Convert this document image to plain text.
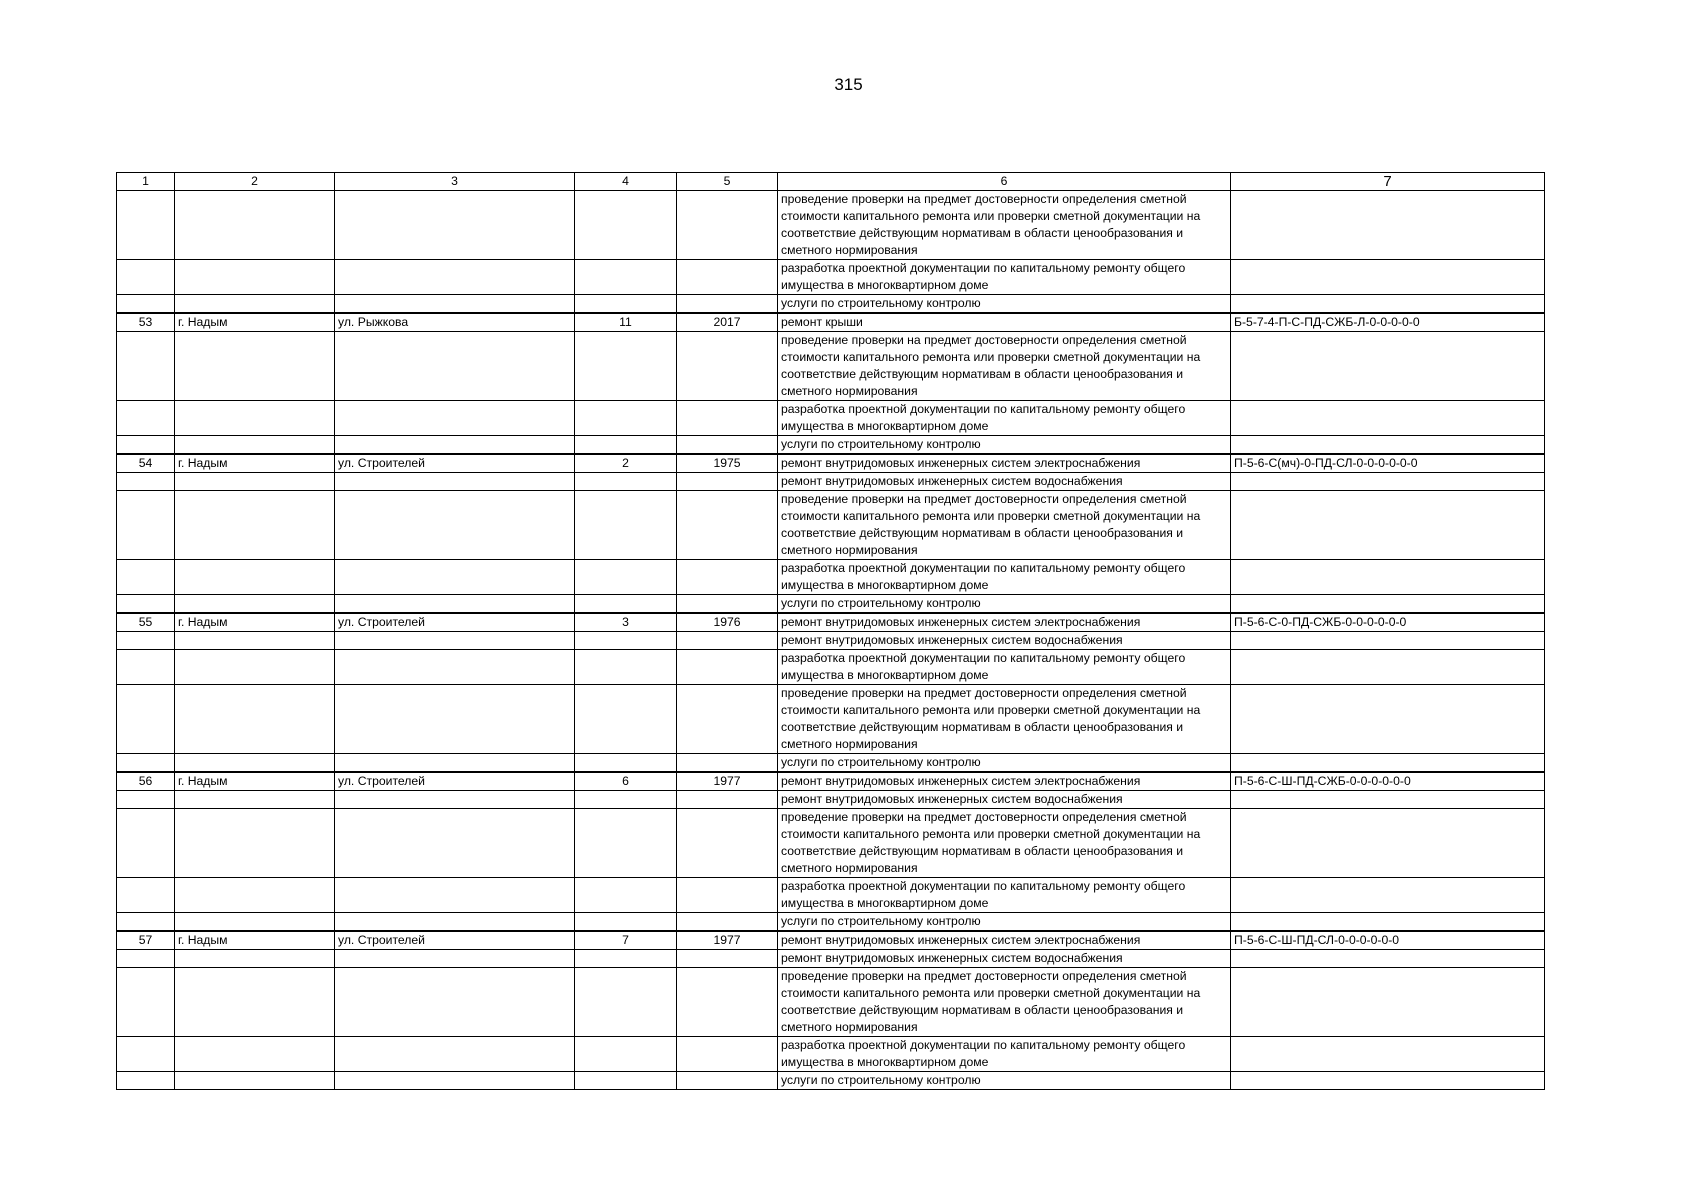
315
1	2	3	4	5	6	7
					проведение проверки на предмет достоверности определения сметной стоимости капитального ремонта или проверки сметной документации на соответствие действующим нормативам в области ценообразования и сметного нормирования	
					разработка проектной документации по капитальному ремонту общего имущества в многоквартирном доме	
					услуги по строительному контролю	
53	г. Надым	ул. Рыжкова	11	2017	ремонт крыши	Б-5-7-4-П-С-ПД-СЖБ-Л-0-0-0-0-0
					проведение проверки на предмет достоверности определения сметной стоимости капитального ремонта или проверки сметной документации на соответствие действующим нормативам в области ценообразования и сметного нормирования	
					разработка проектной документации по капитальному ремонту общего имущества в многоквартирном доме	
					услуги по строительному контролю	
54	г. Надым	ул. Строителей	2	1975	ремонт внутридомовых инженерных систем электроснабжения	П-5-6-С(мч)-0-ПД-СЛ-0-0-0-0-0-0
					ремонт внутридомовых инженерных систем водоснабжения	
					проведение проверки на предмет достоверности определения сметной стоимости капитального ремонта или проверки сметной документации на соответствие действующим нормативам в области ценообразования и сметного нормирования	
					разработка проектной документации по капитальному ремонту общего имущества в многоквартирном доме	
					услуги по строительному контролю	
55	г. Надым	ул. Строителей	3	1976	ремонт внутридомовых инженерных систем электроснабжения	П-5-6-С-0-ПД-СЖБ-0-0-0-0-0-0
					ремонт внутридомовых инженерных систем водоснабжения	
					разработка проектной документации по капитальному ремонту общего имущества в многоквартирном доме	
					проведение проверки на предмет достоверности определения сметной стоимости капитального ремонта или проверки сметной документации на соответствие действующим нормативам в области ценообразования и сметного нормирования	
					услуги по строительному контролю	
56	г. Надым	ул. Строителей	6	1977	ремонт внутридомовых инженерных систем электроснабжения	П-5-6-С-Ш-ПД-СЖБ-0-0-0-0-0-0
					ремонт внутридомовых инженерных систем водоснабжения	
					проведение проверки на предмет достоверности определения сметной стоимости капитального ремонта или проверки сметной документации на соответствие действующим нормативам в области ценообразования и сметного нормирования	
					разработка проектной документации по капитальному ремонту общего имущества в многоквартирном доме	
					услуги по строительному контролю	
57	г. Надым	ул. Строителей	7	1977	ремонт внутридомовых инженерных систем электроснабжения	П-5-6-С-Ш-ПД-СЛ-0-0-0-0-0-0
					ремонт внутридомовых инженерных систем водоснабжения	
					проведение проверки на предмет достоверности определения сметной стоимости капитального ремонта или проверки сметной документации на соответствие действующим нормативам в области ценообразования и сметного нормирования	
					разработка проектной документации по капитальному ремонту общего имущества в многоквартирном доме	
					услуги по строительному контролю	
